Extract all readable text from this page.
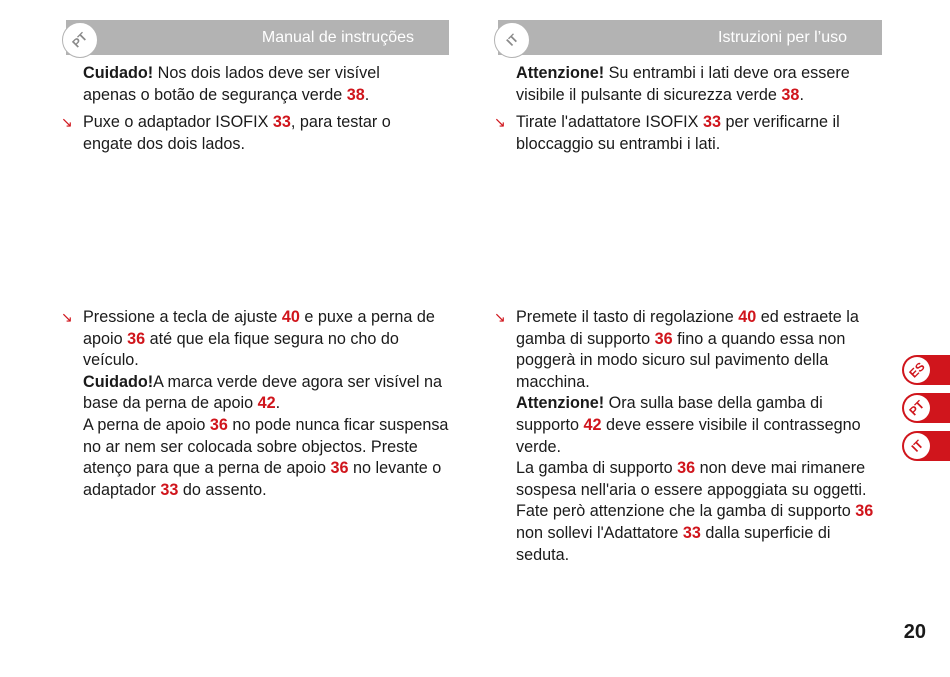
PT	Manual de instruções	IT	Istruzioni per l’uso

Cuidado! Nos dois lados deve ser visível apenas o botão de segurança verde 38.

↘ Puxe o adaptador ISOFIX 33, para testar o engate dos dois lados.

↘ Pressione a tecla de ajuste 40 e puxe a perna de apoio 36 até que ela fique segura no cho do veículo.

Cuidado!A marca verde deve agora ser visível na base da perna de apoio 42.

A perna de apoio 36 no pode nunca ficar suspensa no ar nem ser colocada sobre objectos. Preste atenço para que a perna de apoio 36 no levante o adaptador 33 do assento.

Attenzione! Su entrambi i lati deve ora essere visibile il pulsante di sicurezza verde 38.

↘ Tirate l'adattatore ISOFIX 33 per verificarne il bloccaggio su entrambi i lati.

↘ Premete il tasto di regolazione 40 ed estraete la gamba di supporto 36 fino a quando essa non poggerà in modo sicuro sul pavimento della macchina.

Attenzione! Ora sulla base della gamba di supporto 42 deve essere visibile il contrassegno verde.

La gamba di supporto 36 non deve mai rimanere sospesa nell'aria o essere appoggiata su oggetti. Fate però attenzione che la gamba di supporto 36 non sollevi l'Adattatore 33 dalla superficie di seduta.

ES
PT
IT
20
